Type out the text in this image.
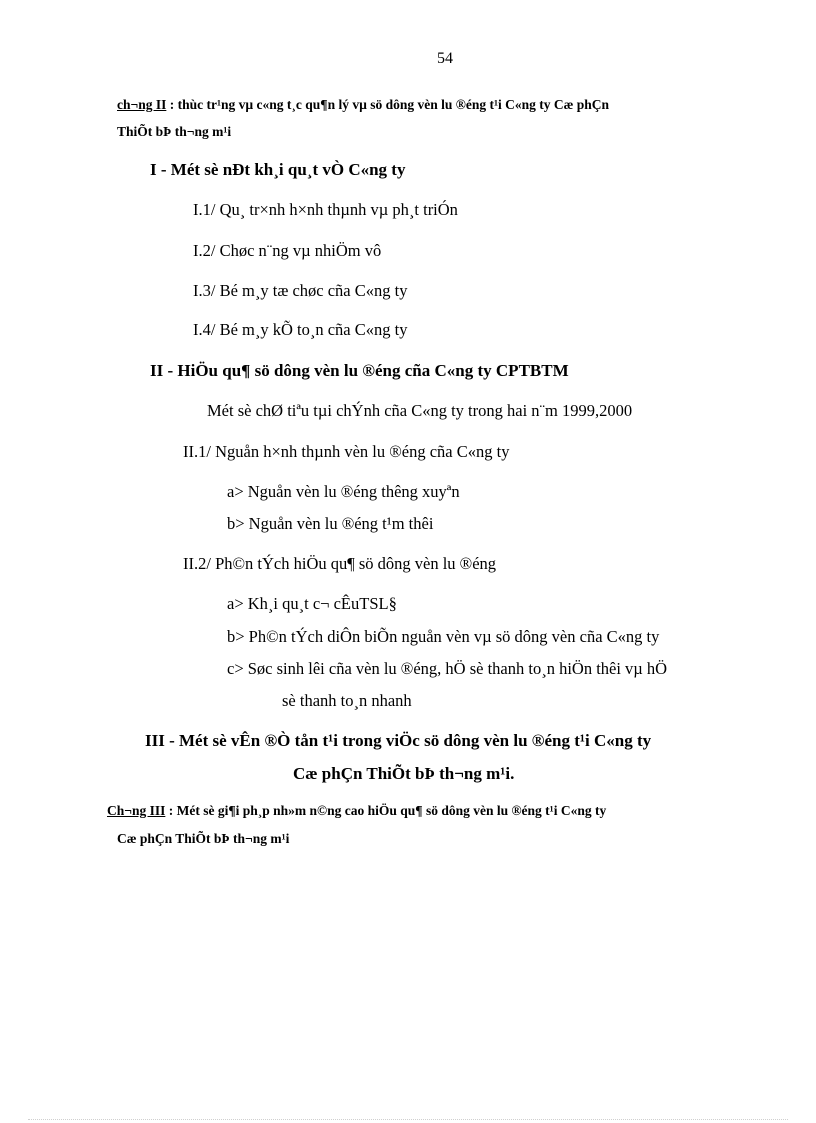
54
ch¬ng II : thùc tr¹ng vµ c«ng t¸c qu¶n lý vµ sö dông vèn lu ®éng t¹i C«ng ty Cæ phÇn
ThiÕt bÞ th¬ng m¹i
I - Mét sè nÐt kh¸i qu¸t vÒ C«ng ty
I.1/ Qu¸ tr×nh h×nh thµnh vµ ph¸t triÓn
I.2/ Chøc n¨ng vµ nhiÖm vô
I.3/ Bé m¸y tæ chøc cña C«ng ty
I.4/ Bé m¸y kÕ to¸n cña C«ng ty
II - HiÖu qu¶ sö dông vèn lu ®éng cña C«ng ty CPTBTM
Mét sè chØ tiªu tµi chÝnh cña C«ng ty trong hai n¨m 1999,2000
II.1/ Nguån h×nh thµnh vèn lu ®éng cña C«ng ty
a> Nguån vèn lu ®éng thêng xuyªn
b> Nguån vèn lu ®éng t¹m thêi
II.2/ Ph©n tÝch hiÖu qu¶ sö dông vèn lu ®éng
a> Kh¸i qu¸t c¬ cÊuTSL§
b> Ph©n tÝch diÔn biÕn nguån vèn vµ sö dông vèn cña C«ng ty
c> Søc sinh lêi cña vèn lu ®éng, hÖ sè thanh to¸n hiÖn thêi vµ hÖ
sè thanh to¸n nhanh
III - Mét sè vÊn ®Ò tån t¹i trong viÖc sö dông vèn lu ®éng t¹i C«ng ty
Cæ phÇn ThiÕt bÞ th¬ng m¹i.
Ch¬ng III : Mét sè gi¶i ph¸p nh»m n©ng cao hiÖu qu¶ sö dông vèn lu ®éng t¹i C«ng ty
Cæ phÇn ThiÕt bÞ th¬ng m¹i
